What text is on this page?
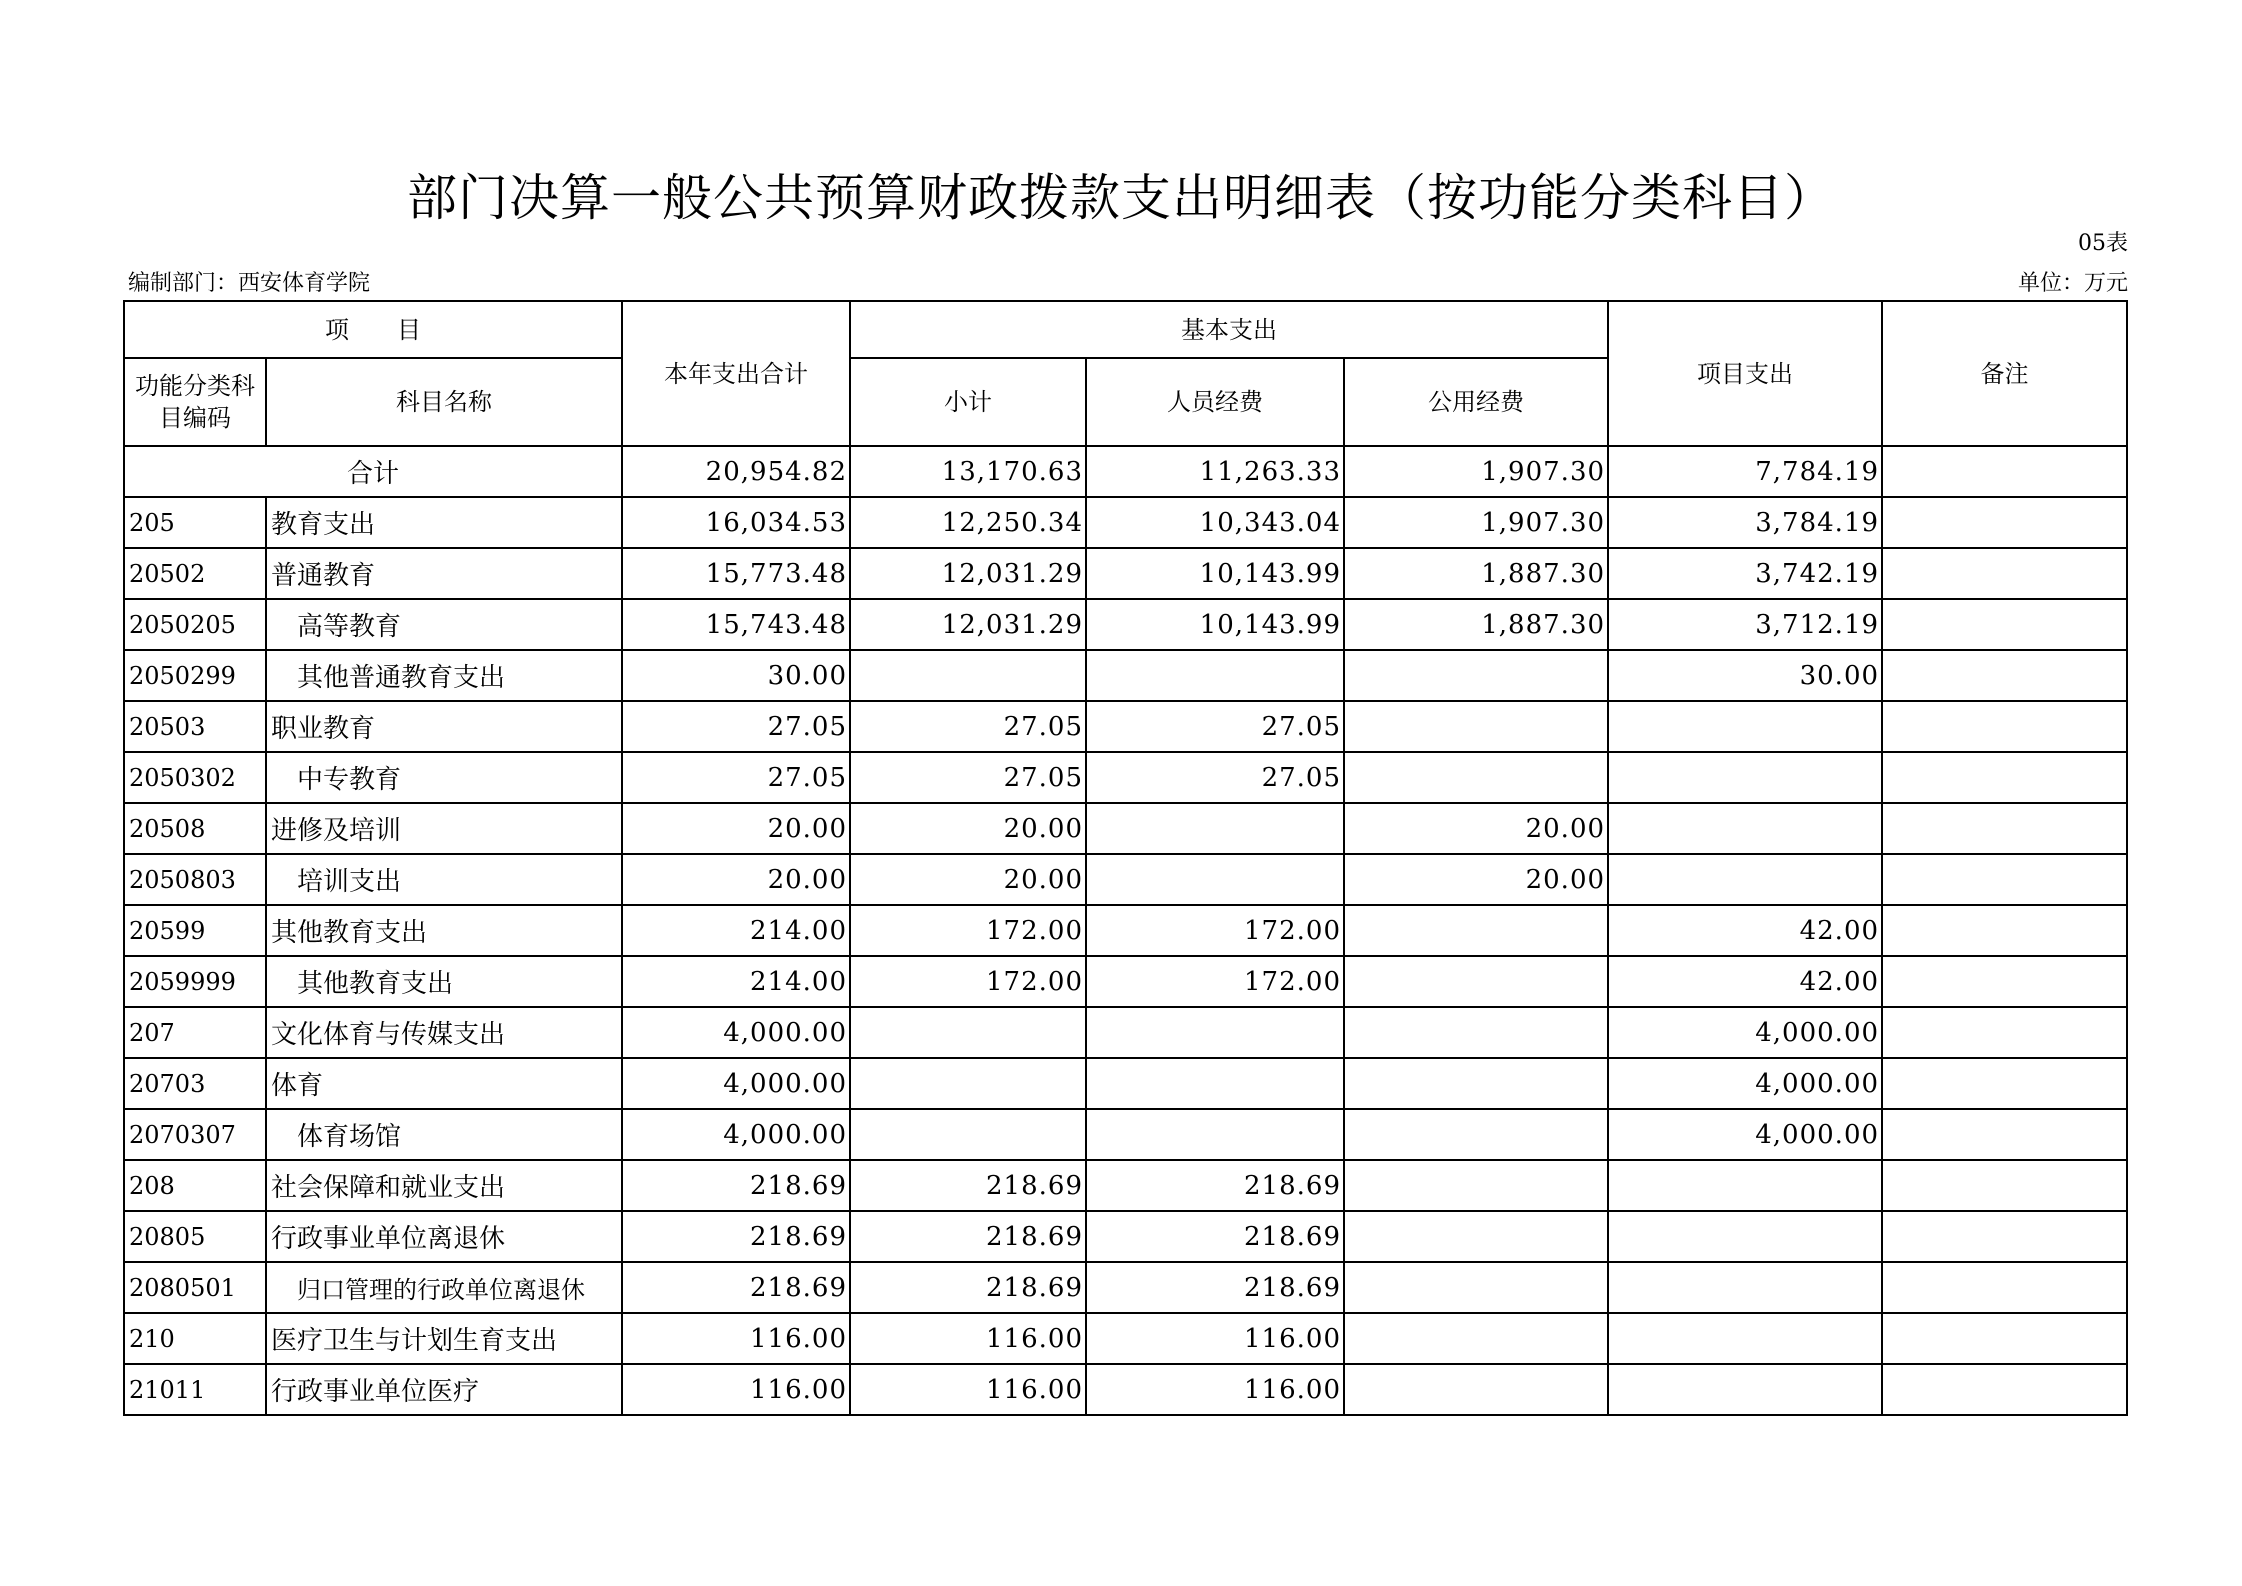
部门决算一般公共预算财政拨款支出明细表（按功能分类科目）
05表
编制部门：西安体育学院	单位：万元
项　　目		本年支出合计	基本支出			项目支出	备注
功能分类科目编码	科目名称		小计	人员经费	公用经费		
合计		20,954.82	13,170.63	11,263.33	1,907.30	7,784.19	
205	教育支出	16,034.53	12,250.34	10,343.04	1,907.30	3,784.19	
20502	普通教育	15,773.48	12,031.29	10,143.99	1,887.30	3,742.19	
2050205	高等教育	15,743.48	12,031.29	10,143.99	1,887.30	3,712.19	
2050299	其他普通教育支出	30.00				30.00	
20503	职业教育	27.05	27.05	27.05			
2050302	中专教育	27.05	27.05	27.05			
20508	进修及培训	20.00	20.00		20.00		
2050803	培训支出	20.00	20.00		20.00		
20599	其他教育支出	214.00	172.00	172.00		42.00	
2059999	其他教育支出	214.00	172.00	172.00		42.00	
207	文化体育与传媒支出	4,000.00				4,000.00	
20703	体育	4,000.00				4,000.00	
2070307	体育场馆	4,000.00				4,000.00	
208	社会保障和就业支出	218.69	218.69	218.69			
20805	行政事业单位离退休	218.69	218.69	218.69			
2080501	归口管理的行政单位离退休	218.69	218.69	218.69			
210	医疗卫生与计划生育支出	116.00	116.00	116.00			
21011	行政事业单位医疗	116.00	116.00	116.00			
